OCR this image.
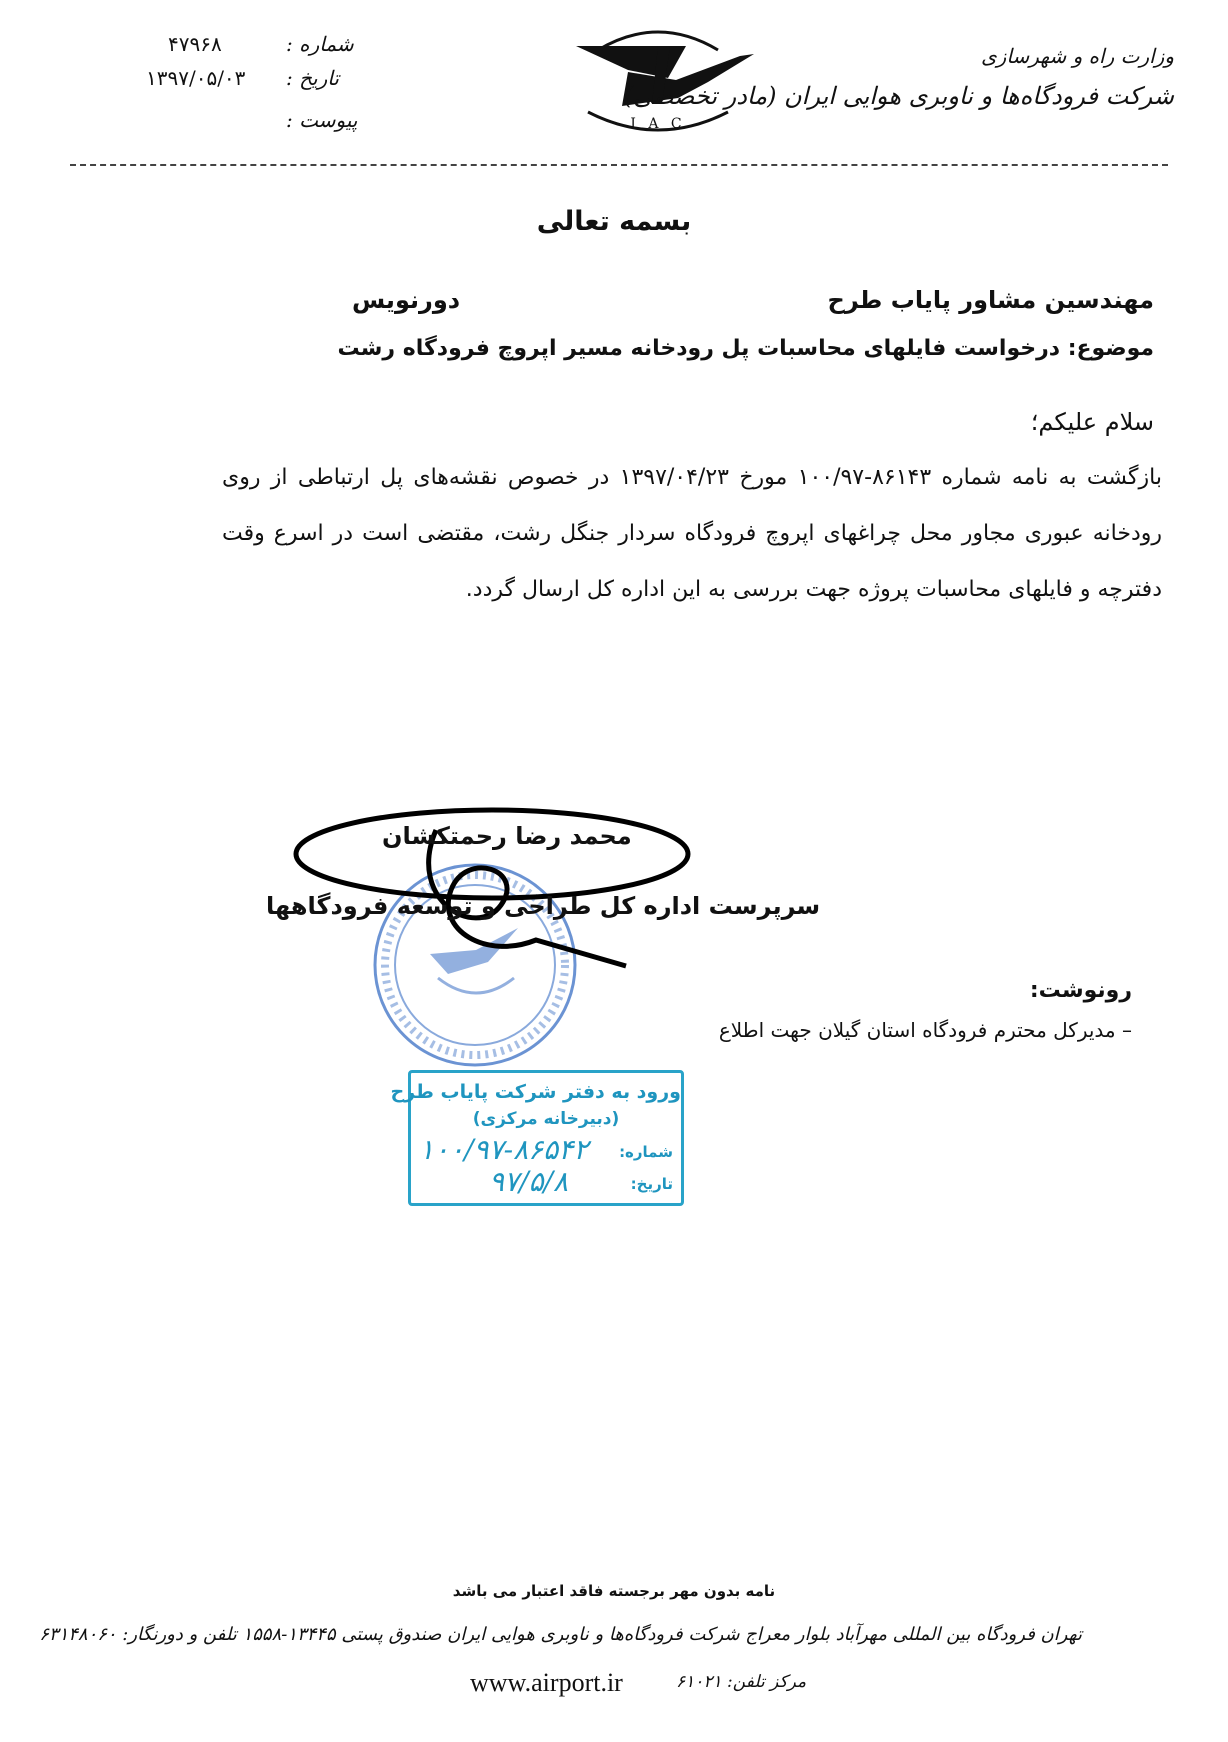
شماره :
۴۷۹۶۸
تاریخ :
۱۳۹۷/۰۵/۰۳
پیوست :	I A C
وزارت راه و شهرسازی
شرکت فرودگاه‌ها و ناوبری هوایی ایران (مادر تخصصی)
بسمه تعالی
مهندسین مشاور پایاب طرح
دورنویس
موضوع: درخواست فایلهای محاسبات پل رودخانه مسیر اپروچ فرودگاه رشت
سلام علیکم؛
بازگشت به نامه شماره ۸۶۱۴۳-۱۰۰/۹۷ مورخ ۱۳۹۷/۰۴/۲۳ در خصوص نقشه‌های پل ارتباطی از روی رودخانه عبوری مجاور محل چراغهای اپروچ فرودگاه سردار جنگل رشت، مقتضی است در اسرع وقت دفترچه و فایلهای محاسبات پروژه جهت بررسی به این اداره کل ارسال گردد.
محمد رضا رحمتکشان
سرپرست اداره کل طراحی و توسعه فرودگاهها
رونوشت:
– مدیرکل محترم فرودگاه استان گیلان جهت اطلاع
ورود به دفتر شرکت پایاب طرح
(دبیرخانه مرکزی)
شماره:
۱۰۰/۹۷-۸۶۵۴۲
تاریخ:
۹۷/۵/۸
نامه بدون مهر برجسته فاقد اعتبار می باشد
تهران فرودگاه بین المللی مهرآباد بلوار معراج شرکت فرودگاه‌ها و ناوبری هوایی ایران صندوق پستی ۱۳۴۴۵-۱۵۵۸ تلفن و دورنگار: ۶۳۱۴۸۰۶۰
www.airport.ir	مرکز تلفن: ۶۱۰۲۱
